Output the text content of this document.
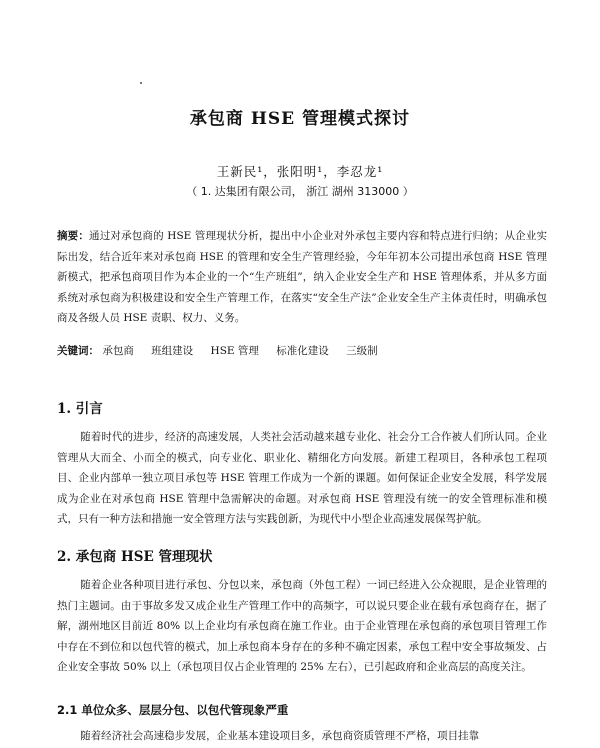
承包商 HSE 管理模式探讨
王新民¹，张阳明¹，李忍龙¹
（ 1. 达集团有限公司， 浙江 湖州 313000 ）
摘要：通过对承包商的 HSE 管理现状分析，提出中小企业对外承包主要内容和特点进行归纳；从企业实际出发，结合近年来对承包商 HSE 的管理和安全生产管理经验，今年年初本公司提出承包商 HSE 管理新模式，把承包商项目作为本企业的一个“生产班组”，纳入企业安全生产和 HSE 管理体系，并从多方面系统对承包商为积极建设和安全生产管理工作，在落实“安全生产法”企业安全生产主体责任时，明确承包商及各级人员 HSE 责职、权力、义务。
关键词： 承包商 班组建设 HSE 管理 标准化建设 三级制
1. 引言

随着时代的进步，经济的高速发展，人类社会活动越来越专业化、社会分工合作被人们所认同。企业管理从大而全、小而全的模式，向专业化、职业化、精细化方向发展。新建工程项目，各种承包工程项目、企业内部单一独立项目承包等 HSE 管理工作成为一个新的课题。如何保证企业安全发展，科学发展成为企业在对承包商 HSE 管理中急需解决的命题。对承包商 HSE 管理没有统一的安全管理标准和模式，只有一种方法和措施一安全管理方法与实践创新，为现代中小型企业高速发展保驾护航。

2. 承包商 HSE 管理现状

随着企业各种项目进行承包、分包以来，承包商（外包工程）一词已经进入公众视眼，是企业管理的热门主题词。由于事故多发又成企业生产管理工作中的高频字，可以说只要企业在载有承包商存在，据了解，湖州地区目前近 80% 以上企业均有承包商在施工作业。由于企业管理在承包商的承包项目管理工作中存在不到位和以包代管的模式，加上承包商本身存在的多种不确定因素，承包工程中安全事故频发、占企业安全事故 50% 以上（承包项目仅占企业管理的 25% 左右），已引起政府和企业高层的高度关注。

2.1 单位众多、层层分包、以包代管现象严重

随着经济社会高速稳步发展，企业基本建设项目多，承包商资质管理不严格，项目挂靠
